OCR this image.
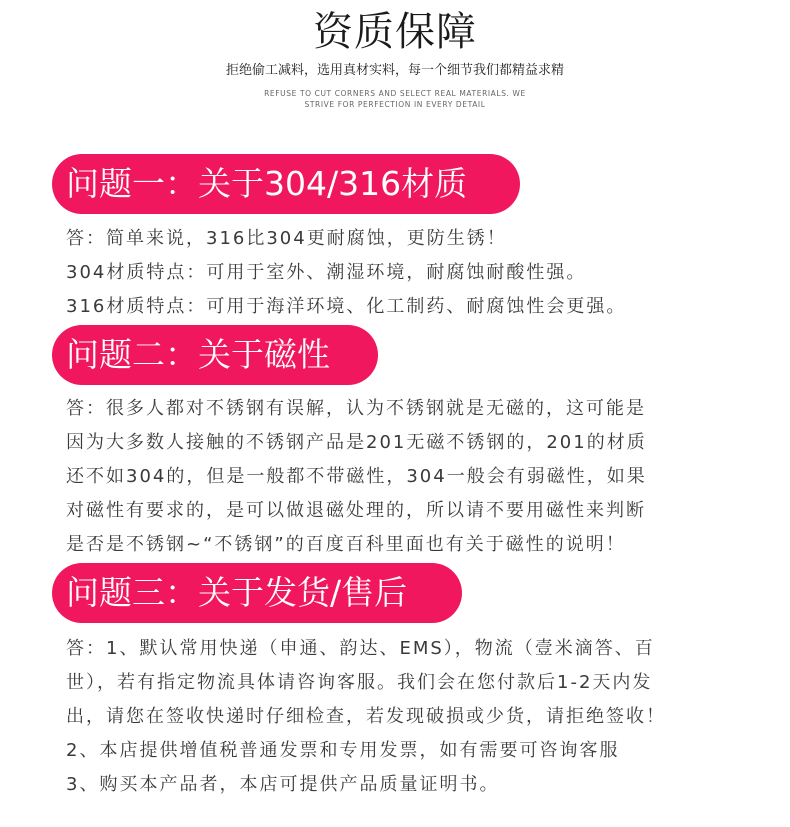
资质保障
拒绝偷工减料，选用真材实料，每一个细节我们都精益求精
REFUSE TO CUT CORNERS AND SELECT REAL MATERIALS. WE
STRIVE FOR PERFECTION IN EVERY DETAIL
问题一：关于304/316材质
答：简单来说，316比304更耐腐蚀，更防生锈！
304材质特点：可用于室外、潮湿环境，耐腐蚀耐酸性强。
316材质特点：可用于海洋环境、化工制药、耐腐蚀性会更强。
问题二：关于磁性
答：很多人都对不锈钢有误解，认为不锈钢就是无磁的，这可能是
因为大多数人接触的不锈钢产品是201无磁不锈钢的，201的材质
还不如304的，但是一般都不带磁性，304一般会有弱磁性，如果
对磁性有要求的，是可以做退磁处理的，所以请不要用磁性来判断
是否是不锈钢~“不锈钢”的百度百科里面也有关于磁性的说明！
问题三：关于发货/售后
答：1、默认常用快递（申通、韵达、EMS），物流（壹米滴答、百
世），若有指定物流具体请咨询客服。我们会在您付款后1-2天内发
出，请您在签收快递时仔细检查，若发现破损或少货，请拒绝签收！
2、本店提供增值税普通发票和专用发票，如有需要可咨询客服
3、购买本产品者，本店可提供产品质量证明书。
